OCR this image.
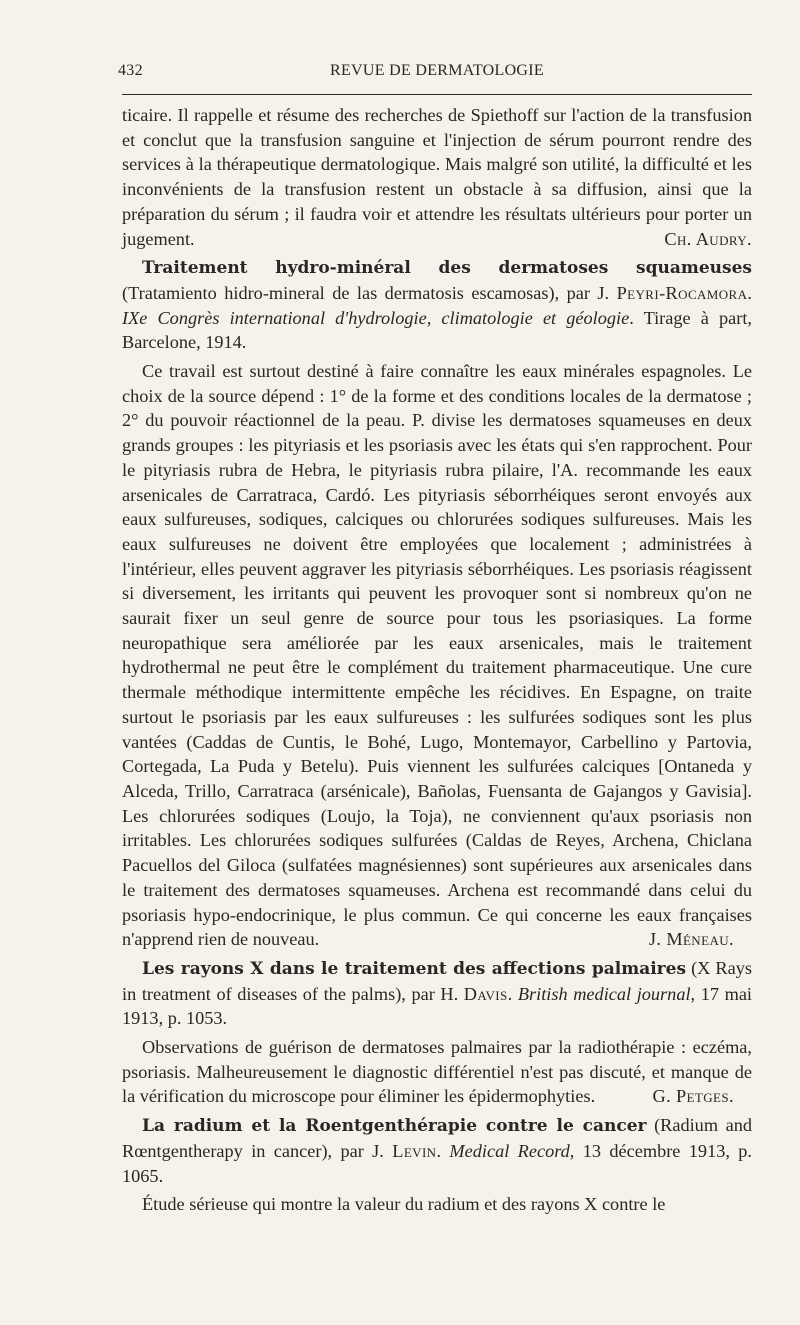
432	REVUE DE DERMATOLOGIE

ticaire. Il rappelle et résume des recherches de Spiethoff sur l'action de la transfusion et conclut que la transfusion sanguine et l'injection de sérum pourront rendre des services à la thérapeutique dermatologique. Mais malgré son utilité, la difficulté et les inconvénients de la transfusion restent un obstacle à sa diffusion, ainsi que la préparation du sérum ; il faudra voir et attendre les résultats ultérieurs pour porter un jugement.	Ch. Audry.

Traitement hydro-minéral des dermatoses squameuses (Tratamiento hidro-mineral de las dermatosis escamosas), par J. Peyri-Rocamora. IXe Congrès international d'hydrologie, climatologie et géologie. Tirage à part, Barcelone, 1914.

Ce travail est surtout destiné à faire connaître les eaux minérales espagnoles. Le choix de la source dépend : 1° de la forme et des conditions locales de la dermatose ; 2° du pouvoir réactionnel de la peau. P. divise les dermatoses squameuses en deux grands groupes : les pityriasis et les psoriasis avec les états qui s'en rapprochent. Pour le pityriasis rubra de Hebra, le pityriasis rubra pilaire, l'A. recommande les eaux arsenicales de Carratraca, Cardó. Les pityriasis séborrhéiques seront envoyés aux eaux sulfureuses, sodiques, calciques ou chlorurées sodiques sulfureuses. Mais les eaux sulfureuses ne doivent être employées que localement ; administrées à l'intérieur, elles peuvent aggraver les pityriasis séborrhéiques. Les psoriasis réagissent si diversement, les irritants qui peuvent les provoquer sont si nombreux qu'on ne saurait fixer un seul genre de source pour tous les psoriasiques. La forme neuropathique sera améliorée par les eaux arsenicales, mais le traitement hydrothermal ne peut être le complément du traitement pharmaceutique. Une cure thermale méthodique intermittente empêche les récidives. En Espagne, on traite surtout le psoriasis par les eaux sulfureuses : les sulfurées sodiques sont les plus vantées (Caddas de Cuntis, le Bohé, Lugo, Montemayor, Carbellino y Partovia, Cortegada, La Puda y Betelu). Puis viennent les sulfurées calciques [Ontaneda y Alceda, Trillo, Carratraca (arsénicale), Bañolas, Fuensanta de Gajangos y Gavisia]. Les chlorurées sodiques (Loujo, la Toja), ne conviennent qu'aux psoriasis non irritables. Les chlorurées sodiques sulfurées (Caldas de Reyes, Archena, Chiclana Pacuellos del Giloca (sulfatées magnésiennes) sont supérieures aux arsenicales dans le traitement des dermatoses squameuses. Archena est recommandé dans celui du psoriasis hypo-endocrinique, le plus commun. Ce qui concerne les eaux françaises n'apprend rien de nouveau.	J. Méneau.

Les rayons X dans le traitement des affections palmaires (X Rays in treatment of diseases of the palms), par H. Davis. British medical journal, 17 mai 1913, p. 1053.

Observations de guérison de dermatoses palmaires par la radiothérapie : eczéma, psoriasis. Malheureusement le diagnostic différentiel n'est pas discuté, et manque de la vérification du microscope pour éliminer les épidermophyties.	G. Petges.

La radium et la Roentgenthérapie contre le cancer (Radium and Rœntgentherapy in cancer), par J. Levin. Medical Record, 13 décembre 1913, p. 1065.

Étude sérieuse qui montre la valeur du radium et des rayons X contre le
